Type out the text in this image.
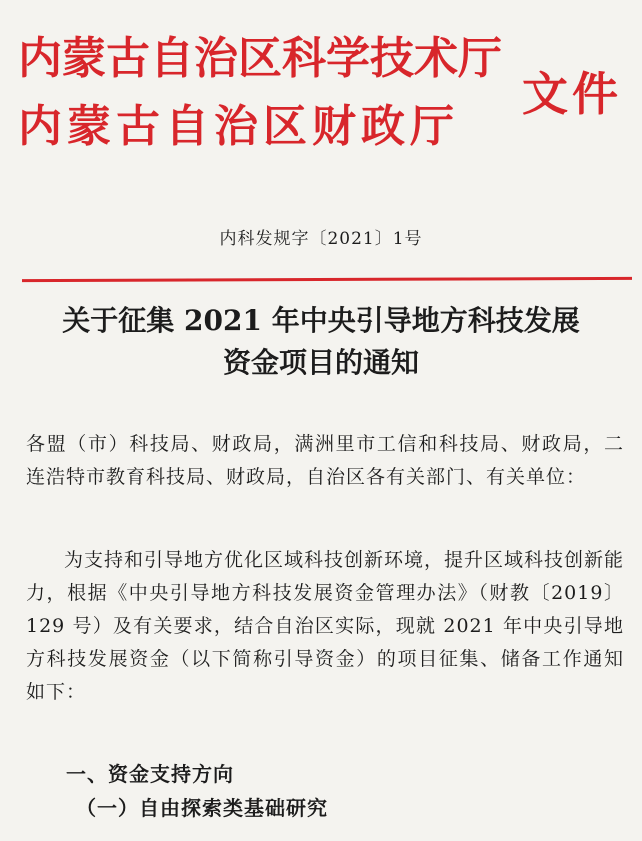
内蒙古自治区科学技术厅
内蒙古自治区财政厅
文件
内科发规字〔2021〕1号
关于征集 2021 年中央引导地方科技发展
资金项目的通知

各盟（市）科技局、财政局，满洲里市工信和科技局、财政局，二连浩特市教育科技局、财政局，自治区各有关部门、有关单位：

为支持和引导地方优化区域科技创新环境，提升区域科技创新能力，根据《中央引导地方科技发展资金管理办法》（财教〔2019〕129 号）及有关要求，结合自治区实际，现就 2021 年中央引导地方科技发展资金（以下简称引导资金）的项目征集、储备工作通知如下：

一、资金支持方向
（一）自由探索类基础研究
